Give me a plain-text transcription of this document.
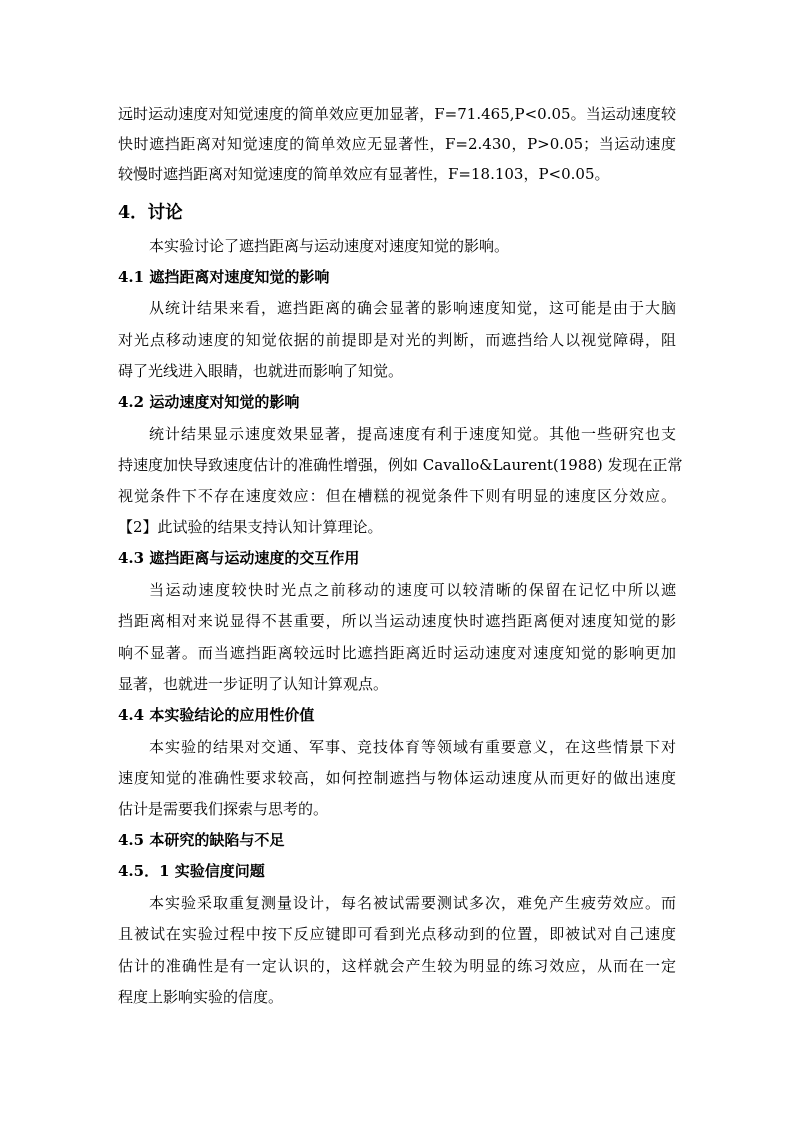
远时运动速度对知觉速度的简单效应更加显著，F=71.465,P<0.05。当运动速度较
快时遮挡距离对知觉速度的简单效应无显著性，F=2.430，P>0.05；当运动速度
较慢时遮挡距离对知觉速度的简单效应有显著性，F=18.103，P<0.05。
4．讨论
本实验讨论了遮挡距离与运动速度对速度知觉的影响。
4.1 遮挡距离对速度知觉的影响
从统计结果来看，遮挡距离的确会显著的影响速度知觉，这可能是由于大脑
对光点移动速度的知觉依据的前提即是对光的判断，而遮挡给人以视觉障碍，阻
碍了光线进入眼睛，也就进而影响了知觉。
4.2 运动速度对知觉的影响
统计结果显示速度效果显著，提高速度有利于速度知觉。其他一些研究也支
持速度加快导致速度估计的准确性增强，例如 Cavallo&Laurent(1988) 发现在正常
视觉条件下不存在速度效应：但在槽糕的视觉条件下则有明显的速度区分效应。
【2】此试验的结果支持认知计算理论。
4.3 遮挡距离与运动速度的交互作用
当运动速度较快时光点之前移动的速度可以较清晰的保留在记忆中所以遮
挡距离相对来说显得不甚重要，所以当运动速度快时遮挡距离便对速度知觉的影
响不显著。而当遮挡距离较远时比遮挡距离近时运动速度对速度知觉的影响更加
显著，也就进一步证明了认知计算观点。
4.4 本实验结论的应用性价值
本实验的结果对交通、军事、竞技体育等领域有重要意义，在这些情景下对
速度知觉的准确性要求较高，如何控制遮挡与物体运动速度从而更好的做出速度
估计是需要我们探索与思考的。
4.5 本研究的缺陷与不足
4.5．1 实验信度问题
本实验采取重复测量设计，每名被试需要测试多次，难免产生疲劳效应。而
且被试在实验过程中按下反应键即可看到光点移动到的位置，即被试对自己速度
估计的准确性是有一定认识的，这样就会产生较为明显的练习效应，从而在一定
程度上影响实验的信度。
